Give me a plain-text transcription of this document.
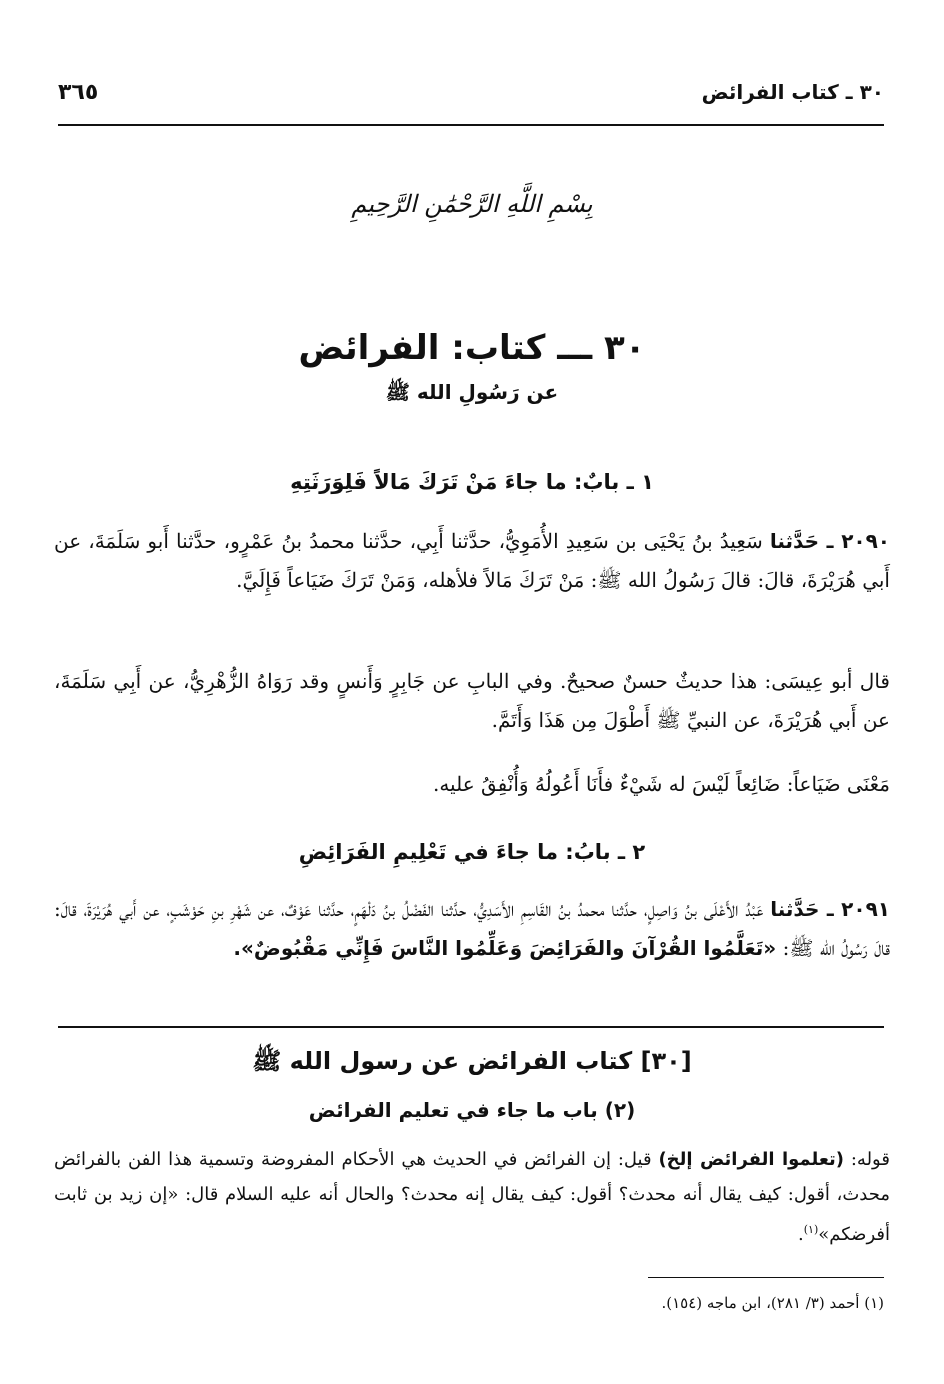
٣٠ ـ كتاب الفرائض
٣٦٥
بِسْمِ اللَّهِ الرَّحْمَٰنِ الرَّحِيمِ
٣٠ ـــ كتاب: الفرائض
عن رَسُولِ الله ﷺ
١ ـ بابٌ: ما جاءَ مَنْ تَرَكَ مَالاً فَلِوَرَثَتِهِ
٢٠٩٠ ـ حَدَّثنا سَعِيدُ بنُ يَحْيَى بن سَعِيدِ الأُمَوِيُّ، حدَّثنا أَبِي، حدَّثنا محمدُ بنُ عَمْرٍو، حدَّثنا أَبو سَلَمَةَ، عن أَبي هُرَيْرَةَ، قالَ: قالَ رَسُولُ الله ﷺ: مَنْ تَرَكَ مَالاً فلأهله، وَمَنْ تَرَكَ ضَيَاعاً فَإِلَيَّ.
قال أبو عِيسَى: هذا حديثٌ حسنٌ صحيحٌ. وفي البابِ عن جَابِرٍ وَأَنسٍ وقد رَوَاهُ الزُّهْرِيُّ، عن أَبِي سَلَمَةَ، عن أَبي هُرَيْرَةَ، عن النبيِّ ﷺ أَطْوَلَ مِن هَذَا وَأَتَمَّ.
مَعْنَى ضَيَاعاً: ضَائِعاً لَيْسَ له شَيْءٌ فأَنَا أَعُولُهُ وَأُنْفِقُ عليه.
٢ ـ بابُ: ما جاءَ في تَعْلِيمِ الفَرَائِضِ
٢٠٩١ ـ حَدَّثنا عَبْدُ الأَعْلَى بنُ وَاصِلٍ، حدَّثنا محمدُ بنُ القَاسِمِ الأَسَدِيُّ، حدَّثنا الفَضْلُ بنُ دَلْهَمٍ، حدَّثنا عَوْفٌ، عن شَهْرِ بنِ حَوْشَبٍ، عن أَبي هُرَيْرَةَ، قالَ: قالَ رَسُولُ الله ﷺ: «تَعَلَّمُوا القُرْآنَ والفَرَائِضَ وَعَلِّمُوا النَّاسَ فَإِنِّي مَقْبُوضٌ».
[٣٠] كتاب الفرائض عن رسول الله ﷺ
(٢) باب ما جاء في تعليم الفرائض
قوله: (تعلموا الفرائض إلخ) قيل: إن الفرائض في الحديث هي الأحكام المفروضة وتسمية هذا الفن بالفرائض محدث، أقول: كيف يقال أنه محدث؟ أقول: كيف يقال إنه محدث؟ والحال أنه عليه السلام قال: «إن زيد بن ثابت أفرضكم»$^{(١)}$.
(١) أحمد (٣/ ٢٨١)، ابن ماجه (١٥٤).
